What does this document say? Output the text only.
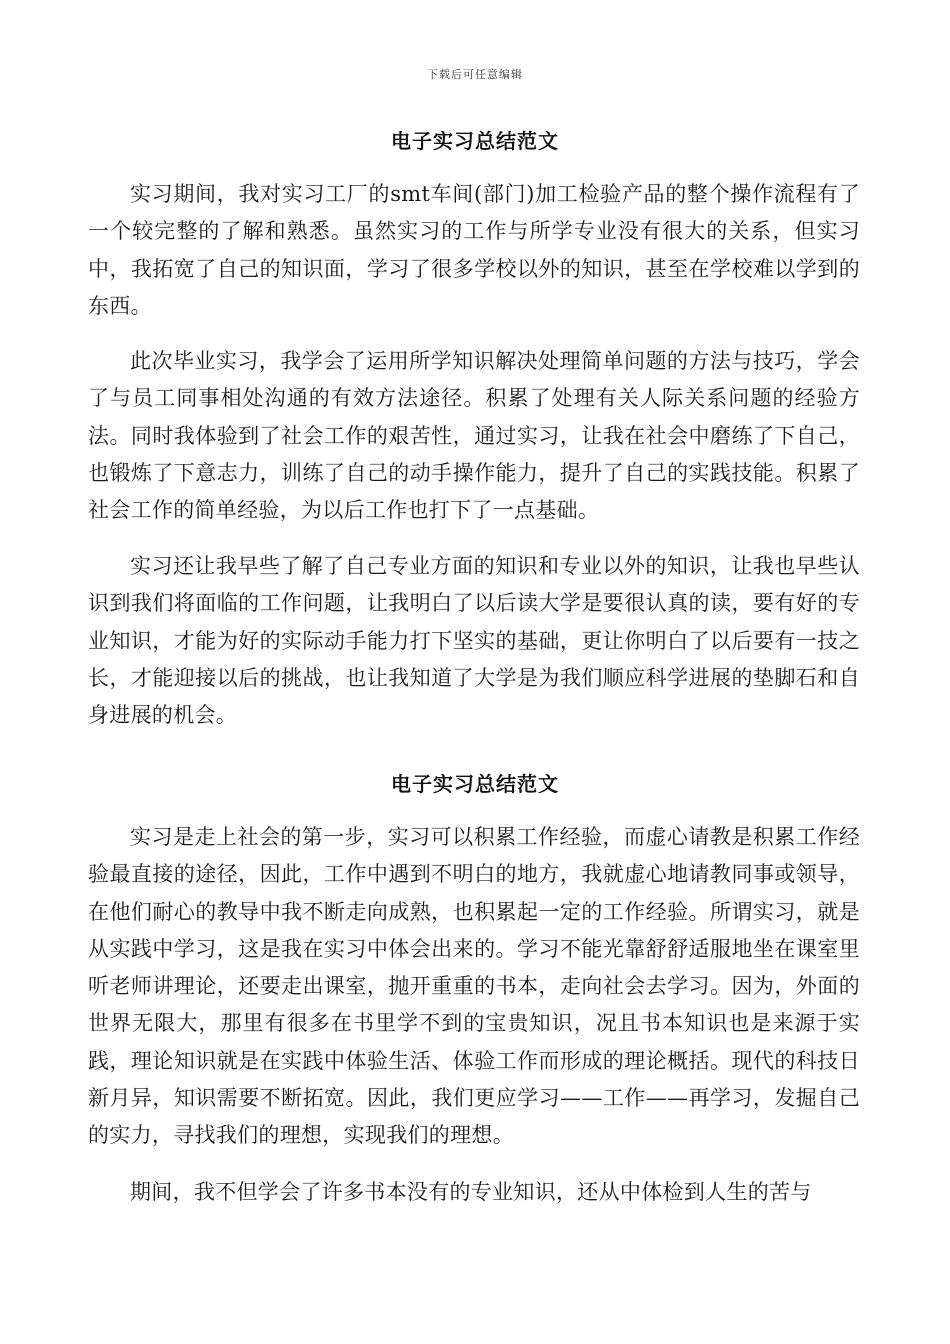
下载后可任意编辑
电子实习总结范文

实习期间，我对实习工厂的smt车间(部门)加工检验产品的整个操作流程有了一个较完整的了解和熟悉。虽然实习的工作与所学专业没有很大的关系，但实习中，我拓宽了自己的知识面，学习了很多学校以外的知识，甚至在学校难以学到的东西。

此次毕业实习，我学会了运用所学知识解决处理简单问题的方法与技巧，学会了与员工同事相处沟通的有效方法途径。积累了处理有关人际关系问题的经验方法。同时我体验到了社会工作的艰苦性，通过实习，让我在社会中磨练了下自己，也锻炼了下意志力，训练了自己的动手操作能力，提升了自己的实践技能。积累了社会工作的简单经验，为以后工作也打下了一点基础。

实习还让我早些了解了自己专业方面的知识和专业以外的知识，让我也早些认识到我们将面临的工作问题，让我明白了以后读大学是要很认真的读，要有好的专业知识，才能为好的实际动手能力打下坚实的基础，更让你明白了以后要有一技之长，才能迎接以后的挑战，也让我知道了大学是为我们顺应科学进展的垫脚石和自身进展的机会。

电子实习总结范文

实习是走上社会的第一步，实习可以积累工作经验，而虚心请教是积累工作经验最直接的途径，因此，工作中遇到不明白的地方，我就虚心地请教同事或领导，在他们耐心的教导中我不断走向成熟，也积累起一定的工作经验。所谓实习，就是从实践中学习，这是我在实习中体会出来的。学习不能光靠舒舒适服地坐在课室里听老师讲理论，还要走出课室，抛开重重的书本，走向社会去学习。因为，外面的世界无限大，那里有很多在书里学不到的宝贵知识，况且书本知识也是来源于实践，理论知识就是在实践中体验生活、体验工作而形成的理论概括。现代的科技日新月异，知识需要不断拓宽。因此，我们更应学习——工作——再学习，发掘自己的实力，寻找我们的理想，实现我们的理想。

期间，我不但学会了许多书本没有的专业知识，还从中体检到人生的苦与
